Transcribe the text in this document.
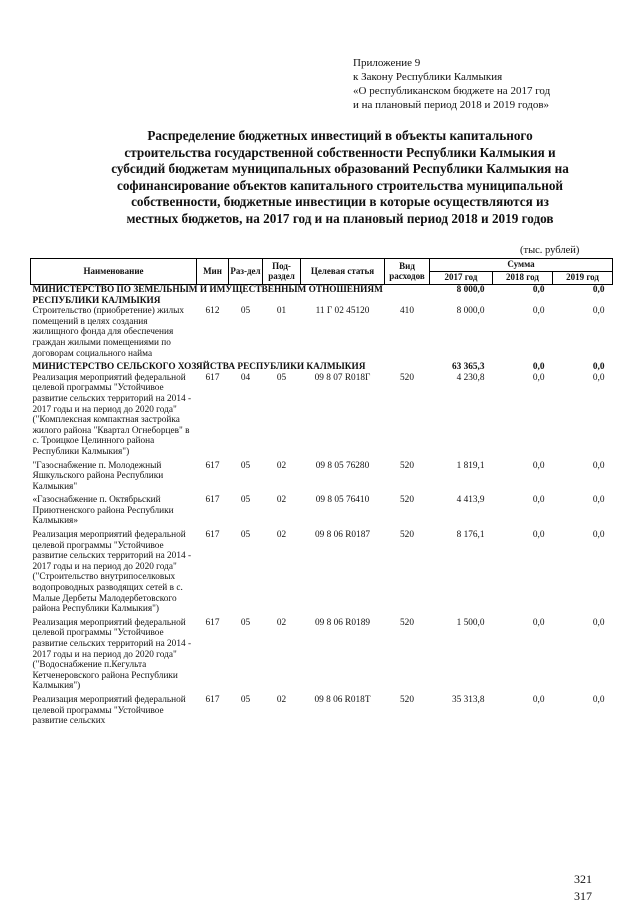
Приложение 9
к Закону Республики Калмыкия
«О республиканском бюджете на 2017 год
и на плановый период 2018 и 2019 годов»
Распределение бюджетных инвестиций в объекты капитального
строительства государственной собственности Республики Калмыкия и
субсидий бюджетам муниципальных образований Республики Калмыкия на
софинансирование объектов капитального строительства муниципальной
собственности, бюджетные инвестиции в которые осуществляются из
местных бюджетов, на 2017 год и на плановый период 2018 и 2019 годов
(тыс. рублей)
Наименование	Мин	Раз-дел	Под-раздел	Целевая статья	Вид расходов	Сумма		
						2017 год	2018 год	2019 год
МИНИСТЕРСТВО ПО ЗЕМЕЛЬНЫМ И ИМУЩЕСТВЕННЫМ ОТНОШЕНИЯМ РЕСПУБЛИКИ КАЛМЫКИЯ						8 000,0	0,0	0,0
Строительство (приобретение) жилых помещений в целях создания жилищного фонда для обеспечения граждан жилыми помещениями по договорам социального найма	612	05	01	11 Г 02 45120	410	8 000,0	0,0	0,0
МИНИСТЕРСТВО СЕЛЬСКОГО ХОЗЯЙСТВА РЕСПУБЛИКИ КАЛМЫКИЯ						63 365,3	0,0	0,0
Реализация мероприятий федеральной целевой программы "Устойчивое развитие сельских территорий на 2014 - 2017 годы и на период до 2020 года" ("Комплексная компактная застройка жилого района "Квартал Огнеборцев" в с. Троицкое Целинного района Республики Калмыкия")	617	04	05	09 8 07 R018Г	520	4 230,8	0,0	0,0
"Газоснабжение п. Молодежный Яшкульского района Республики Калмыкия"	617	05	02	09 8 05 76280	520	1 819,1	0,0	0,0
«Газоснабжение п. Октябрьский Приютненского района Республики Калмыкия»	617	05	02	09 8 05 76410	520	4 413,9	0,0	0,0
Реализация мероприятий федеральной целевой программы "Устойчивое развитие сельских территорий на 2014 - 2017 годы и на период до 2020 года" ("Строительство внутрипоселковых водопроводных разводящих сетей в с. Малые Дербеты Малодербетовского района Республики Калмыкия")	617	05	02	09 8 06 R0187	520	8 176,1	0,0	0,0
Реализация мероприятий федеральной целевой программы "Устойчивое развитие сельских территорий на 2014 - 2017 годы и на период до 2020 года" ("Водоснабжение п.Кегульта Кетченеровского района Республики Калмыкия")	617	05	02	09 8 06 R0189	520	1 500,0	0,0	0,0
Реализация мероприятий федеральной целевой программы "Устойчивое развитие сельских	617	05	02	09 8 06 R018Т	520	35 313,8	0,0	0,0
321
317
